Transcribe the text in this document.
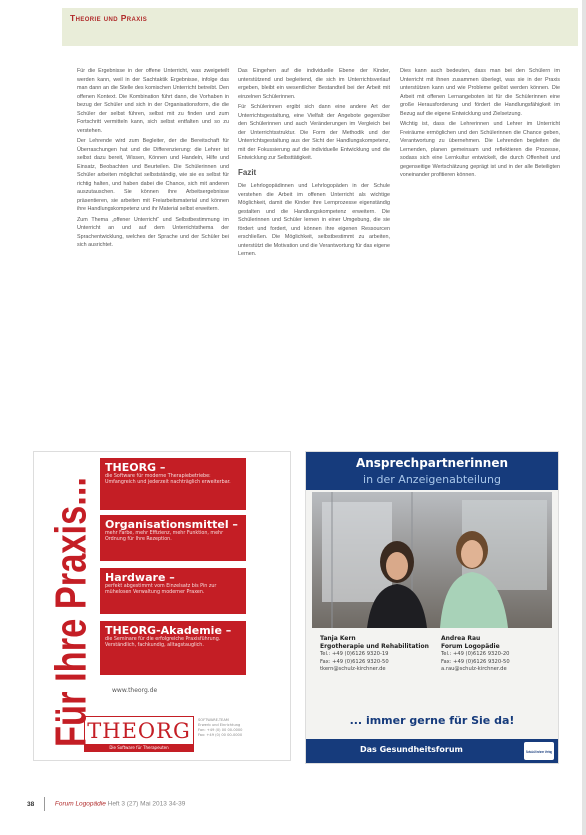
Theorie und Praxis

Für die Ergebnisse in der offene Unterricht, was zweigeteilt werden kann, weil in der Sachtaktik Ergebnisse, infolge das man dann an die Stelle des komischen Unterricht betreibt. Den offenen Kontext. Die Kombination führt dann, die Vorhaben in bezug der Schüler und sich in der Organisationsform, die die Schüler der selbst führen, selbst mit zu finden und zum Fortschritt vermitteln kann, sich selbst entfalten und so zu verstehen.

Der Lehrende wird zum Begleiter, der die Bereitschaft für Überraschungen hat und die Differenzierung: die Lehrer ist selbst dazu bereit, Wissen, Können und Handeln, Hilfe und Einsatz, Beobachten und Beurteilen. Die Schülerinnen und Schüler arbeiten möglichst selbstständig, wie sie es selbst für richtig halten, und haben dabei die Chance, sich mit anderen auszutauschen. Sie können ihre Arbeitsergebnisse präsentieren, sie arbeiten mit Freiarbeitsmaterial und können ihre Handlungskompetenz und ihr Material selbst erweitern.

Zum Thema „offener Unterricht“ und Selbstbestimmung im Unterricht an und auf dem Unterrichtsthema der Sprachentwicklung, welches der Sprache und der Schüler bei sich ausrichtet.

Das Eingehen auf die individuelle Ebene der Kinder, unterstützend und begleitend, die sich im Unterrichtsverlauf ergeben, bleibt ein wesentlicher Bestandteil bei der Arbeit mit einzelnen Schülerinnen.

Für Schülerinnen ergibt sich dann eine andere Art der Unterrichtsgestaltung, eine Vielfalt der Angebote gegenüber den Schülerinnen und auch Veränderungen im Vergleich bei der Unterrichtsstruktur. Die Form der Methodik und der Unterrichtsgestaltung aus der Sicht der Handlungskompetenz, mit der Fokussierung auf die individuelle Entwicklung und die Entwicklung zur Selbsttätigkeit.

Fazit

Die Lehrlogopädinnen und Lehrlogopäden in der Schule verstehen die Arbeit im offenen Unterricht als wichtige Möglichkeit, damit die Kinder ihre Lernprozesse eigenständig gestalten und die Handlungskompetenz erweitern. Die Schülerinnen und Schüler lernen in einer Umgebung, die sie fördert und fordert, und können ihre eigenen Ressourcen erschließen. Die Möglichkeit, selbstbestimmt zu arbeiten, unterstützt die Motivation und die Verantwortung für das eigene Lernen.

Dies kann auch bedeuten, dass man bei den Schülern im Unterricht mit ihnen zusammen überlegt, was sie in der Praxis unterstützen kann und wie Probleme gelöst werden können. Die Arbeit mit offenen Lernangeboten ist für die Schülerinnen eine große Herausforderung und fördert die Handlungsfähigkeit im Bezug auf die eigene Entwicklung und Zielsetzung.

Wichtig ist, dass die Lehrerinnen und Lehrer im Unterricht Freiräume ermöglichen und den Schülerinnen die Chance geben, Verantwortung zu übernehmen. Die Lehrenden begleiten die Lernenden, planen gemeinsam und reflektieren die Prozesse, sodass sich eine Lernkultur entwickelt, die durch Offenheit und gegenseitige Wertschätzung geprägt ist und in der alle Beteiligten voneinander profitieren können.

Für Ihre Praxis... THEORG –
die Software für moderne Therapiebetriebe: Umfangreich und jederzeit nachträglich erweiterbar.
Organisationsmittel –
mehr Farbe, mehr Effizienz, mehr Funktion, mehr Ordnung für Ihre Rezeption.
Hardware –
perfekt abgestimmt vom Einzelsatz bis Pin zur mühelosen Verwaltung moderner Praxen.
THEORG-Akademie –
die Seminare für die erfolgreiche Praxisführung. Verständlich, fachkundig, alltagstauglich.
www.theorg.de
THEORG
Die Software für Therapeuten
SOFTWARE-TEAM
Erwerb und Einrichtung
Fon: +49 (0) 00 00-0000
Fax: +49 (0) 00 00-0000
Ansprechpartnerinnen
in der Anzeigenabteilung
Tanja Kern
Ergotherapie und Rehabilitation
Tel.: +49 (0)6126 9320-19
Fax: +49 (0)6126 9320-50
tkern@schulz-kirchner.de
Andrea Rau
Forum Logopädie
Tel.: +49 (0)6126 9320-20
Fax: +49 (0)6126 9320-50
a.rau@schulz-kirchner.de
... immer gerne für Sie da!
Das Gesundheitsforum	Schulz-Kirchner Verlag
38	Forum Logopädie Heft 3 (27) Mai 2013 34-39
